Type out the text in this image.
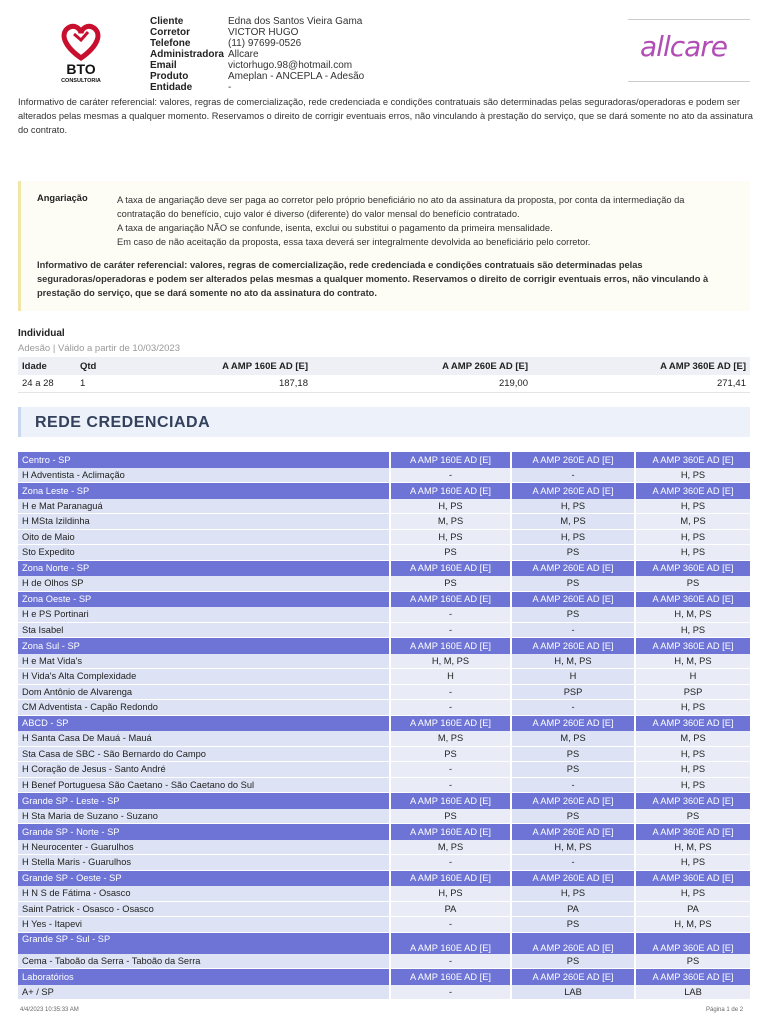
BTO
CONSULTORIA
Cliente	Edna dos Santos Vieira Gama
Corretor	VICTOR HUGO
Telefone	(11) 97699-0526
Administradora Allcare
Email	victorhugo.98@hotmail.com
Produto	Ameplan - ANCEPLA - Adesão
Entidade	-
allcare
Informativo de caráter referencial: valores, regras de comercialização, rede credenciada e condições contratuais são determinadas pelas seguradoras/operadoras e podem ser alterados pelas mesmas a qualquer momento. Reservamos o direito de corrigir eventuais erros, não vinculando à prestação do serviço, que se dará somente no ato da assinatura do contrato.
Angariação	A taxa de angariação deve ser paga ao corretor pelo próprio beneficiário no ato da assinatura da proposta, por conta da intermediação da contratação do benefício, cujo valor é diverso (diferente) do valor mensal do benefício contratado.
A taxa de angariação NÃO se confunde, isenta, exclui ou substitui o pagamento da primeira mensalidade.
Em caso de não aceitação da proposta, essa taxa deverá ser integralmente devolvida ao beneficiário pelo corretor.
Informativo de caráter referencial: valores, regras de comercialização, rede credenciada e condições contratuais são determinadas pelas seguradoras/operadoras e podem ser alterados pelas mesmas a qualquer momento. Reservamos o direito de corrigir eventuais erros, não vinculando à prestação do serviço, que se dará somente no ato da assinatura do contrato.
Individual
Adesão | Válido a partir de 10/03/2023
Idade	Qtd	A AMP 160E AD [E]	A AMP 260E AD [E]	A AMP 360E AD [E]
24 a 28	1	187,18	219,00	271,41
REDE CREDENCIADA
Centro - SP	A AMP 160E AD [E]	A AMP 260E AD [E]	A AMP 360E AD [E]
H Adventista - Aclimação	-	-	H, PS
Zona Leste - SP	A AMP 160E AD [E]	A AMP 260E AD [E]	A AMP 360E AD [E]
H e Mat Paranaguá	H, PS	H, PS	H, PS
H MSta Izildinha	M, PS	M, PS	M, PS
Oito de Maio	H, PS	H, PS	H, PS
Sto Expedito	PS	PS	H, PS
Zona Norte - SP	A AMP 160E AD [E]	A AMP 260E AD [E]	A AMP 360E AD [E]
H de Olhos SP	PS	PS	PS
Zona Oeste - SP	A AMP 160E AD [E]	A AMP 260E AD [E]	A AMP 360E AD [E]
H e PS Portinari	-	PS	H, M, PS
Sta Isabel	-	-	H, PS
Zona Sul - SP	A AMP 160E AD [E]	A AMP 260E AD [E]	A AMP 360E AD [E]
H e Mat Vida's	H, M, PS	H, M, PS	H, M, PS
H Vida's Alta Complexidade	H	H	H
Dom Antônio de Alvarenga	-	PSP	PSP
CM Adventista - Capão Redondo	-	-	H, PS
ABCD - SP	A AMP 160E AD [E]	A AMP 260E AD [E]	A AMP 360E AD [E]
H Santa Casa De Mauá - Mauá	M, PS	M, PS	M, PS
Sta Casa de SBC - São Bernardo do Campo	PS	PS	H, PS
H Coração de Jesus - Santo André	-	PS	H, PS
H Benef Portuguesa São Caetano - São Caetano do Sul	-	-	H, PS
Grande SP - Leste - SP	A AMP 160E AD [E]	A AMP 260E AD [E]	A AMP 360E AD [E]
H Sta Maria de Suzano - Suzano	PS	PS	PS
Grande SP - Norte - SP	A AMP 160E AD [E]	A AMP 260E AD [E]	A AMP 360E AD [E]
H Neurocenter - Guarulhos	M, PS	H, M, PS	H, M, PS
H Stella Maris - Guarulhos	-	-	H, PS
Grande SP - Oeste - SP	A AMP 160E AD [E]	A AMP 260E AD [E]	A AMP 360E AD [E]
H N S de Fátima - Osasco	H, PS	H, PS	H, PS
Saint Patrick - Osasco - Osasco	PA	PA	PA
H Yes - Itapevi	-	PS	H, M, PS
Grande SP - Sul - SP	A AMP 160E AD [E]	A AMP 260E AD [E]	A AMP 360E AD [E]
Cema - Taboão da Serra - Taboão da Serra	-	PS	PS
Laboratórios	A AMP 160E AD [E]	A AMP 260E AD [E]	A AMP 360E AD [E]
A+ / SP	-	LAB	LAB
4/4/2023 10:35:33 AM	Página 1 de 2
